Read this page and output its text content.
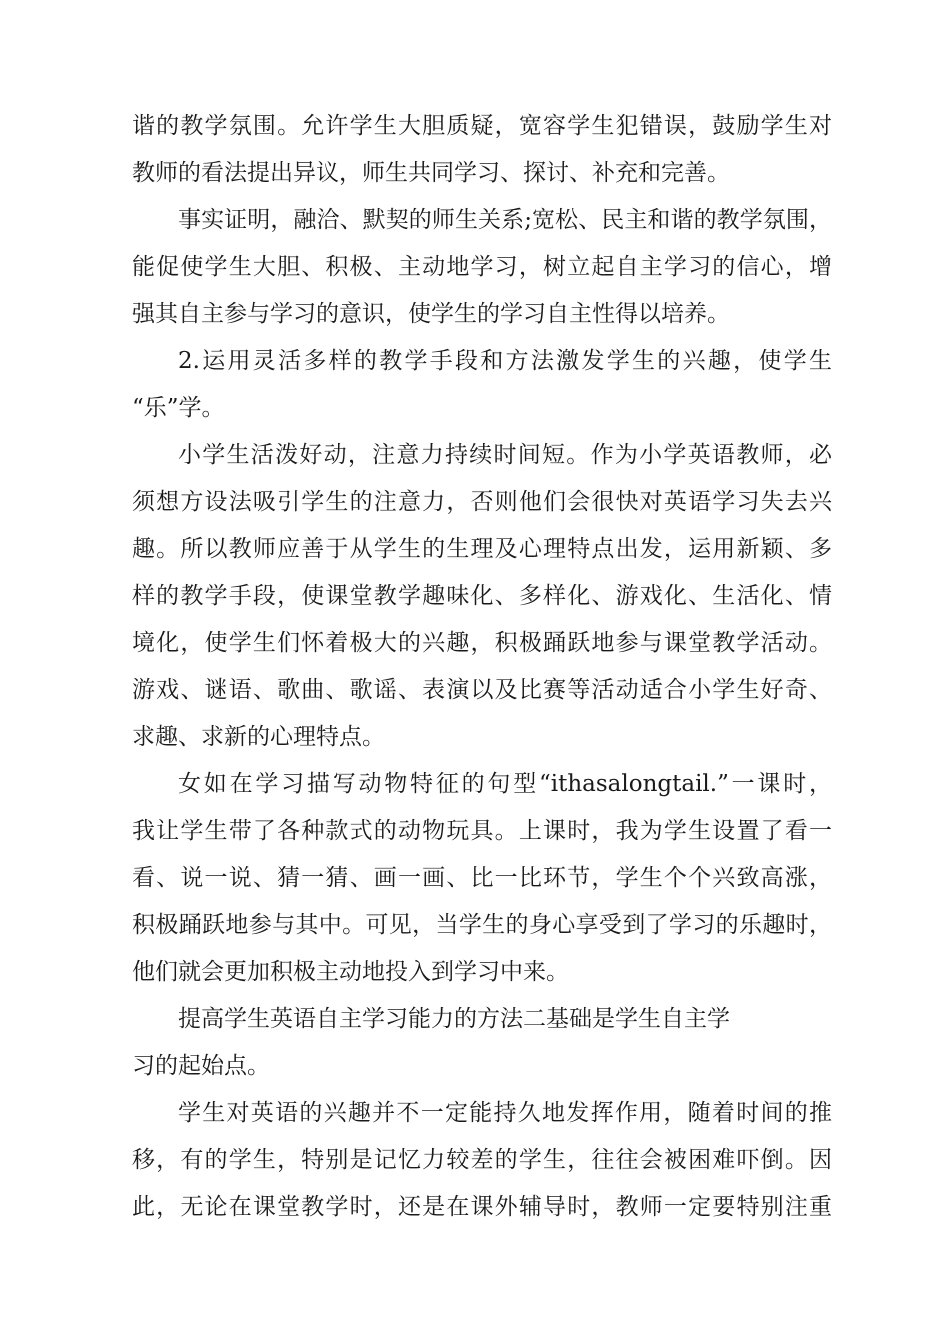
谐的教学氛围。允许学生大胆质疑，宽容学生犯错误，鼓励学生对
教师的看法提出异议，师生共同学习、探讨、补充和完善。
事实证明，融洽、默契的师生关系;宽松、民主和谐的教学氛围，
能促使学生大胆、积极、主动地学习，树立起自主学习的信心，增
强其自主参与学习的意识，使学生的学习自主性得以培养。
2.运用灵活多样的教学手段和方法激发学生的兴趣，使学生
“乐”学。
小学生活泼好动，注意力持续时间短。作为小学英语教师，必
须想方设法吸引学生的注意力，否则他们会很快对英语学习失去兴
趣。所以教师应善于从学生的生理及心理特点出发，运用新颖、多
样的教学手段，使课堂教学趣味化、多样化、游戏化、生活化、情
境化，使学生们怀着极大的兴趣，积极踊跃地参与课堂教学活动。
游戏、谜语、歌曲、歌谣、表演以及比赛等活动适合小学生好奇、
求趣、求新的心理特点。
女如在学习描写动物特征的句型“ithasalongtail.”一课时，
我让学生带了各种款式的动物玩具。上课时，我为学生设置了看一
看、说一说、猜一猜、画一画、比一比环节，学生个个兴致高涨，
积极踊跃地参与其中。可见，当学生的身心享受到了学习的乐趣时，
他们就会更加积极主动地投入到学习中来。
提高学生英语自主学习能力的方法二基础是学生自主学
习的起始点。
学生对英语的兴趣并不一定能持久地发挥作用，随着时间的推
移，有的学生，特别是记忆力较差的学生，往往会被困难吓倒。因
此，无论在课堂教学时，还是在课外辅导时，教师一定要特别注重
